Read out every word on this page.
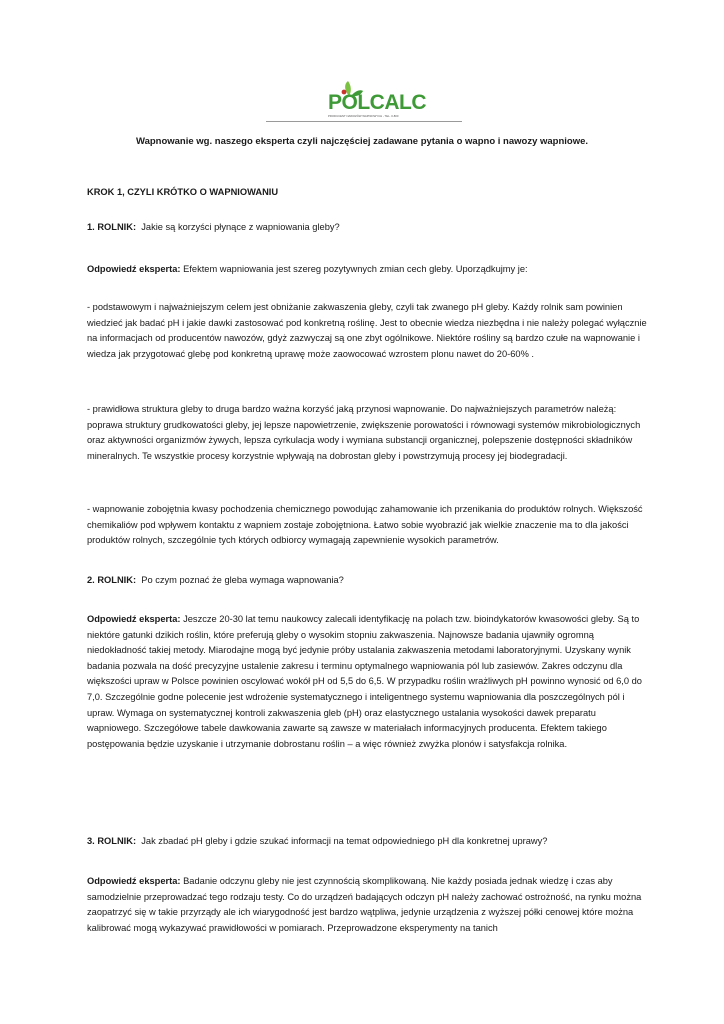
POLCALC
PRODUCENT NAWOZÓW WAPNIOWYCH - TEL. 0-800
Wapnowanie wg. naszego eksperta czyli najczęściej zadawane pytania o wapno i nawozy wapniowe.

KROK 1, CZYLI KRÓTKO O WAPNIOWANIU

1. ROLNIK: Jakie są korzyści płynące z wapniowania gleby?

Odpowiedź eksperta: Efektem wapniowania jest szereg pozytywnych zmian cech gleby. Uporządkujmy je:

- podstawowym i najważniejszym celem jest obniżanie zakwaszenia gleby, czyli tak zwanego pH gleby. Każdy rolnik sam powinien wiedzieć jak badać pH i jakie dawki zastosować pod konkretną roślinę. Jest to obecnie wiedza niezbędna i nie należy polegać wyłącznie na informacjach od producentów nawozów, gdyż zazwyczaj są one zbyt ogólnikowe. Niektóre rośliny są bardzo czułe na wapnowanie i wiedza jak przygotować glebę pod konkretną uprawę może zaowocować wzrostem plonu nawet do 20-60% .

- prawidłowa struktura gleby to druga bardzo ważna korzyść jaką przynosi wapnowanie. Do najważniejszych parametrów należą: poprawa struktury grudkowatości gleby, jej lepsze napowietrzenie, zwiększenie porowatości i równowagi systemów mikrobiologicznych oraz aktywności organizmów żywych, lepsza cyrkulacja wody i wymiana substancji organicznej, polepszenie dostępności składników mineralnych. Te wszystkie procesy korzystnie wpływają na dobrostan gleby i powstrzymują procesy jej biodegradacji.

- wapnowanie zobojętnia kwasy pochodzenia chemicznego powodując zahamowanie ich przenikania do produktów rolnych. Większość chemikaliów pod wpływem kontaktu z wapniem zostaje zobojętniona. Łatwo sobie wyobrazić jak wielkie znaczenie ma to dla jakości produktów rolnych, szczególnie tych których odbiorcy wymagają zapewnienie wysokich parametrów.

2. ROLNIK: Po czym poznać że gleba wymaga wapnowania?

Odpowiedź eksperta: Jeszcze 20-30 lat temu naukowcy zalecali identyfikację na polach tzw. bioindykatorów kwasowości gleby. Są to niektóre gatunki dzikich roślin, które preferują gleby o wysokim stopniu zakwaszenia. Najnowsze badania ujawniły ogromną niedokładność takiej metody. Miarodajne mogą być jedynie próby ustalania zakwaszenia metodami laboratoryjnymi. Uzyskany wynik badania pozwala na dość precyzyjne ustalenie zakresu i terminu optymalnego wapniowania pól lub zasiewów. Zakres odczynu dla większości upraw w Polsce powinien oscylować wokół pH od 5,5 do 6,5. W przypadku roślin wrażliwych pH powinno wynosić od 6,0 do 7,0. Szczególnie godne polecenie jest wdrożenie systematycznego i inteligentnego systemu wapniowania dla poszczególnych pól i upraw. Wymaga on systematycznej kontroli zakwaszenia gleb (pH) oraz elastycznego ustalania wysokości dawek preparatu wapniowego. Szczegółowe tabele dawkowania zawarte są zawsze w materiałach informacyjnych producenta. Efektem takiego postępowania będzie uzyskanie i utrzymanie dobrostanu roślin – a więc również zwyżka plonów i satysfakcja rolnika.

3. ROLNIK: Jak zbadać pH gleby i gdzie szukać informacji na temat odpowiedniego pH dla konkretnej uprawy?

Odpowiedź eksperta: Badanie odczynu gleby nie jest czynnością skomplikowaną. Nie każdy posiada jednak wiedzę i czas aby samodzielnie przeprowadzać tego rodzaju testy. Co do urządzeń badających odczyn pH należy zachować ostrożność, na rynku można zaopatrzyć się w takie przyrządy ale ich wiarygodność jest bardzo wątpliwa, jedynie urządzenia z wyższej półki cenowej które można kalibrować mogą wykazywać prawidłowości w pomiarach. Przeprowadzone eksperymenty na tanich
